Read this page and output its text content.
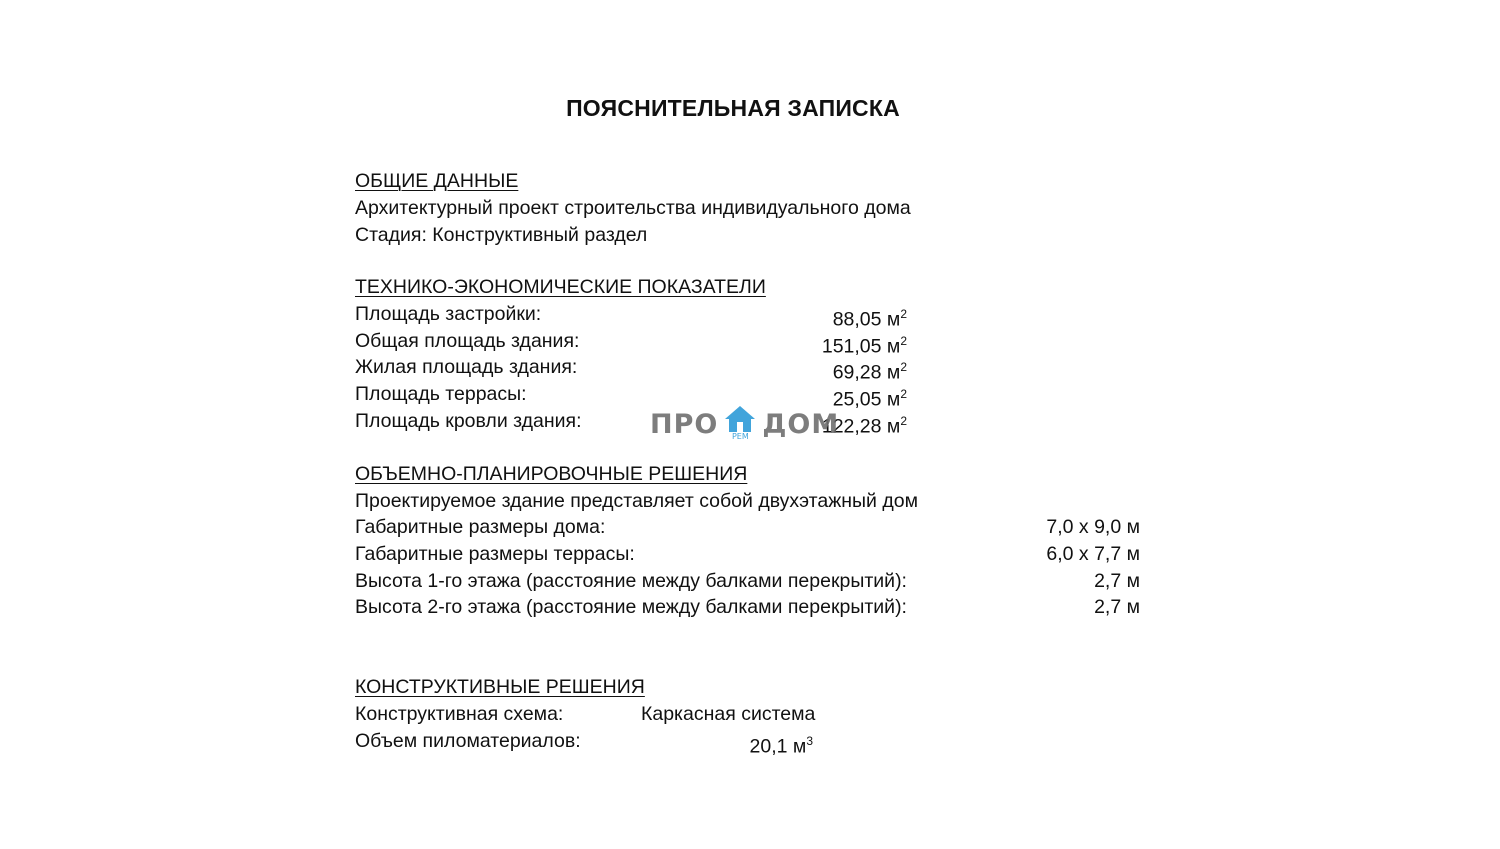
ПОЯСНИТЕЛЬНАЯ ЗАПИСКА
ОБЩИЕ ДАННЫЕ
Архитектурный проект строительства индивидуального дома
Стадия: Конструктивный раздел
ТЕХНИКО-ЭКОНОМИЧЕСКИЕ ПОКАЗАТЕЛИ
Площадь застройки:	88,05 $м^2$
Общая площадь здания:	151,05 $м^2$
Жилая площадь здания:	69,28 $м^2$
Площадь террасы:	25,05 $м^2$
Площадь кровли здания:	122,28 $м^2$
ПРО	РЕМ ДОМ
ОБЪЕМНО-ПЛАНИРОВОЧНЫЕ РЕШЕНИЯ
Проектируемое здание представляет собой двухэтажный дом
Габаритные размеры дома:	7,0 x 9,0 м
Габаритные размеры террасы:	6,0 x 7,7 м
Высота 1-го этажа (расстояние между балками перекрытий):	2,7 м
Высота 2-го этажа (расстояние между балками перекрытий):	2,7 м
КОНСТРУКТИВНЫЕ РЕШЕНИЯ
Конструктивная схема:	Каркасная система
Объем пиломатериалов:	20,1 $м^3$
